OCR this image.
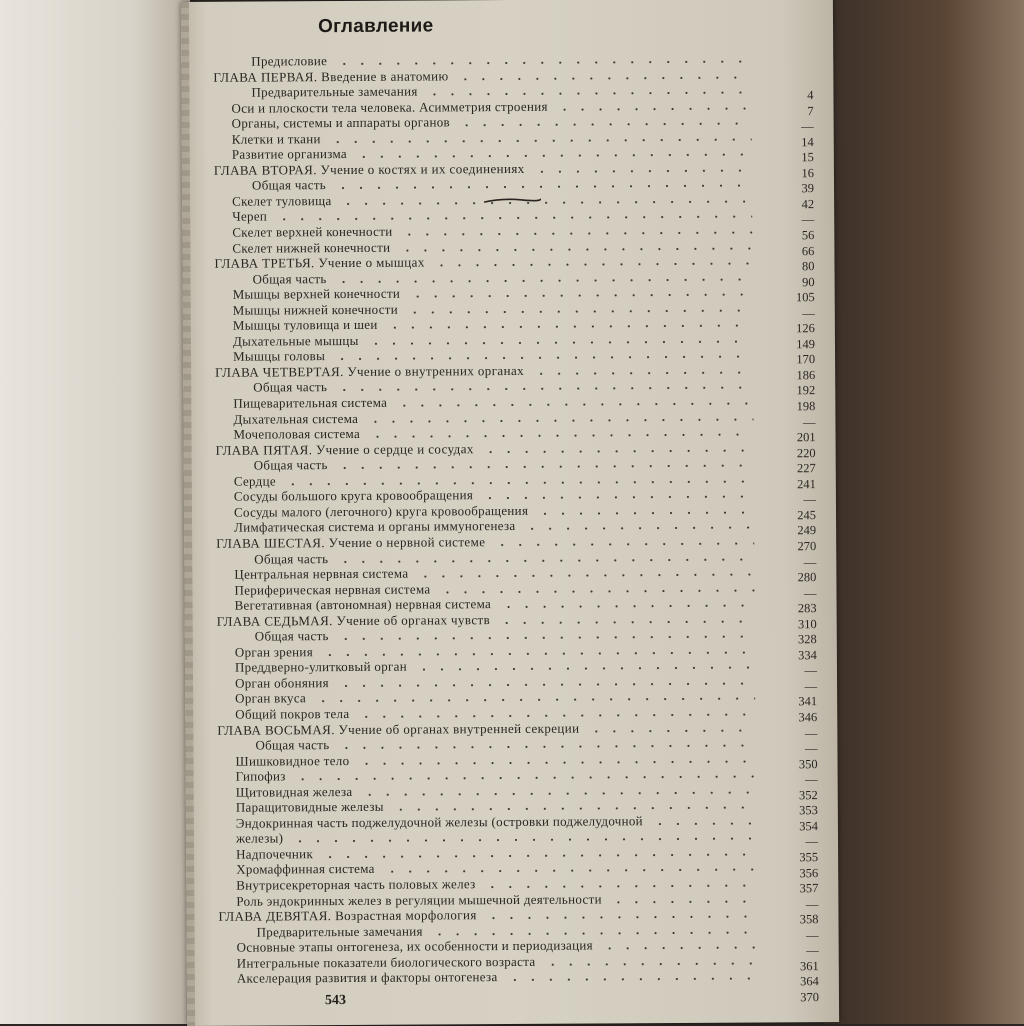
Оглавление
Предисловие
ГЛАВА ПЕРВАЯ. Введение в анатомию
Предварительные замечания
Оси и плоскости тела человека. Асимметрия строения
Органы, системы и аппараты органов
Клетки и ткани
Развитие организма
ГЛАВА ВТОРАЯ. Учение о костях и их соединениях
Общая часть
Скелет туловища
Череп
Скелет верхней конечности
Скелет нижней конечности
ГЛАВА ТРЕТЬЯ. Учение о мышцах
Общая часть
Мышцы верхней конечности
Мышцы нижней конечности
Мышцы туловища и шеи
Дыхательные мышцы
Мышцы головы
ГЛАВА ЧЕТВЕРТАЯ. Учение о внутренних органах
Общая часть
Пищеварительная система
Дыхательная система
Мочеполовая система
ГЛАВА ПЯТАЯ. Учение о сердце и сосудах
Общая часть
Сердце
Сосуды большого круга кровообращения
Сосуды малого (легочного) круга кровообращения
Лимфатическая система и органы иммуногенеза
ГЛАВА ШЕСТАЯ. Учение о нервной системе
Общая часть
Центральная нервная система
Периферическая нервная система
Вегетативная (автономная) нервная система
ГЛАВА СЕДЬМАЯ. Учение об органах чувств
Общая часть
Орган зрения
Преддверно-улитковый орган
Орган обоняния
Орган вкуса
Общий покров тела
ГЛАВА ВОСЬМАЯ. Учение об органах внутренней секреции
Общая часть
Шишковидное тело
Гипофиз
Щитовидная железа
Паращитовидные железы
Эндокринная часть поджелудочной железы (островки поджелудочной
железы)
Надпочечник
Хромаффинная система
Внутрисекреторная часть половых желез
Роль эндокринных желез в регуляции мышечной деятельности
ГЛАВА ДЕВЯТАЯ. Возрастная морфология
Предварительные замечания
Основные этапы онтогенеза, их особенности и периодизация
Интегральные показатели биологического возраста
Акселерация развития и факторы онтогенеза
543
4
7
—
14
15
16
39
42
—
56
66
80
90
105
—
126
149
170
186
192
198
—
201
220
227
241
—
245
249
270
—
280
—
283
310
328
334
—
—
341
346
—
—
350
—
352
353
354
—
355
356
357
—
358
—
—
361
364
370
